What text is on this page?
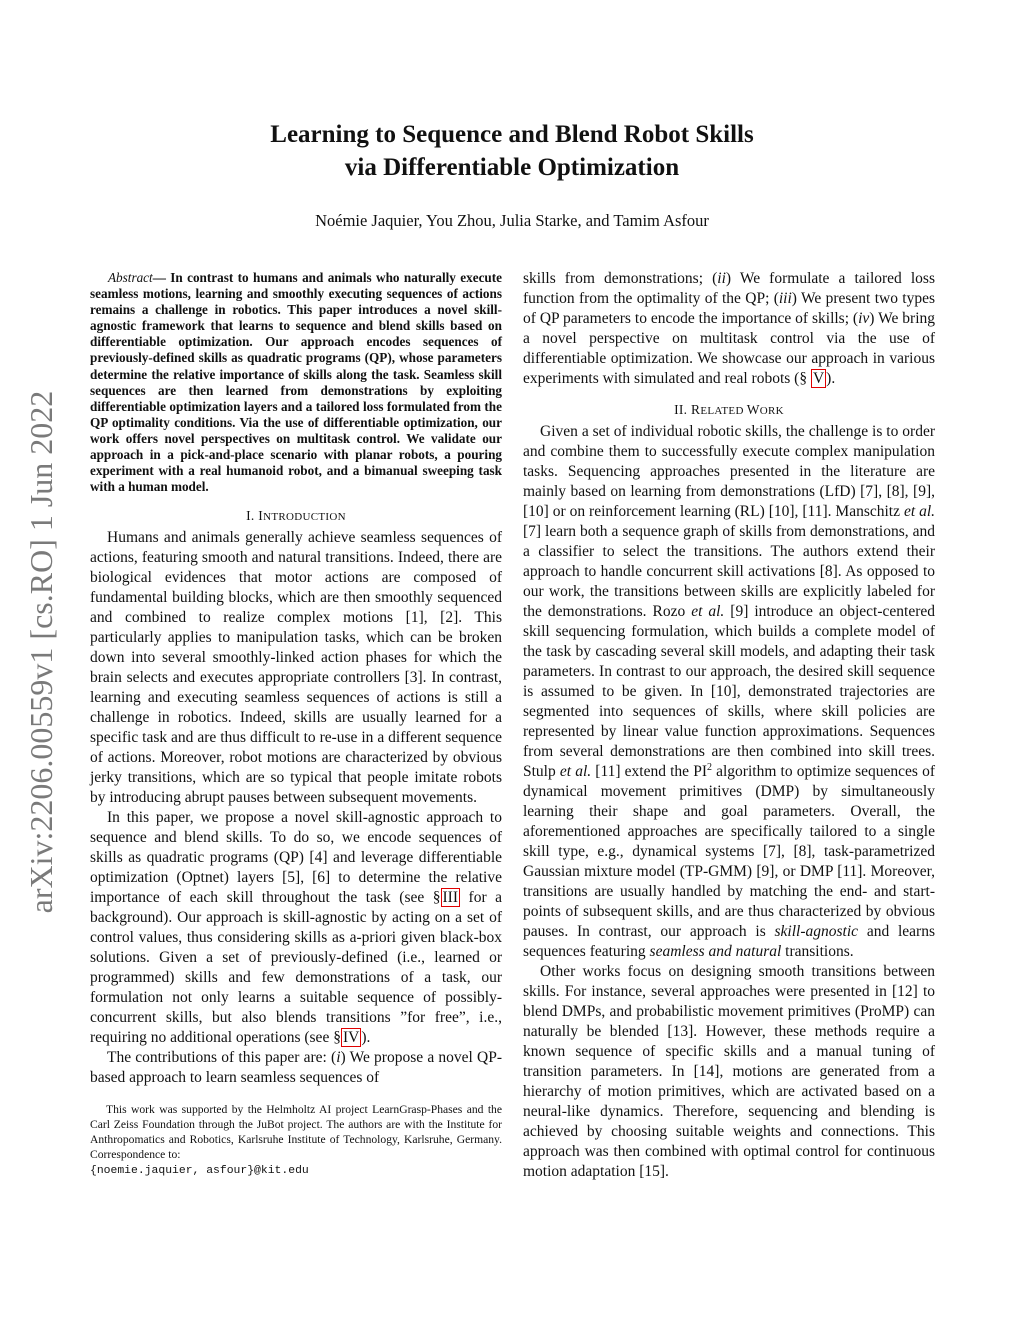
Learning to Sequence and Blend Robot Skills
via Differentiable Optimization
Noémie Jaquier, You Zhou, Julia Starke, and Tamim Asfour
arXiv:2206.00559v1 [cs.RO] 1 Jun 2022

Abstract— In contrast to humans and animals who naturally execute seamless motions, learning and smoothly executing sequences of actions remains a challenge in robotics. This paper introduces a novel skill-agnostic framework that learns to sequence and blend skills based on differentiable optimization. Our approach encodes sequences of previously-defined skills as quadratic programs (QP), whose parameters determine the relative importance of skills along the task. Seamless skill sequences are then learned from demonstrations by exploiting differentiable optimization layers and a tailored loss formulated from the QP optimality conditions. Via the use of differentiable optimization, our work offers novel perspectives on multitask control. We validate our approach in a pick-and-place scenario with planar robots, a pouring experiment with a real humanoid robot, and a bimanual sweeping task with a human model.

I. INTRODUCTION

Humans and animals generally achieve seamless sequences of actions, featuring smooth and natural transitions. Indeed, there are biological evidences that motor actions are composed of fundamental building blocks, which are then smoothly sequenced and combined to realize complex motions [1], [2]. This particularly applies to manipulation tasks, which can be broken down into several smoothly-linked action phases for which the brain selects and executes appropriate controllers [3]. In contrast, learning and executing seamless sequences of actions is still a challenge in robotics. Indeed, skills are usually learned for a specific task and are thus difficult to re-use in a different sequence of actions. Moreover, robot motions are characterized by obvious jerky transitions, which are so typical that people imitate robots by introducing abrupt pauses between subsequent movements.

In this paper, we propose a novel skill-agnostic approach to sequence and blend skills. To do so, we encode sequences of skills as quadratic programs (QP) [4] and leverage differentiable optimization (Optnet) layers [5], [6] to determine the relative importance of each skill throughout the task (see § III for a background). Our approach is skill-agnostic by acting on a set of control values, thus considering skills as a-priori given black-box solutions. Given a set of previously-defined (i.e., learned or programmed) skills and few demonstrations of a task, our formulation not only learns a suitable sequence of possibly-concurrent skills, but also blends transitions ”for free”, i.e., requiring no additional operations (see § IV ).

The contributions of this paper are: (i) We propose a novel QP-based approach to learn seamless sequences of

This work was supported by the Helmholtz AI project LearnGrasp-Phases and the Carl Zeiss Foundation through the JuBot project. The authors are with the Institute for Anthropomatics and Robotics, Karlsruhe Institute of Technology, Karlsruhe, Germany. Correspondence to:
{noemie.jaquier, asfour}@kit.edu

skills from demonstrations; (ii) We formulate a tailored loss function from the optimality of the QP; (iii) We present two types of QP parameters to encode the importance of skills; (iv) We bring a novel perspective on multitask control via the use of differentiable optimization. We showcase our approach in various experiments with simulated and real robots (§ V ).

II. RELATED WORK

Given a set of individual robotic skills, the challenge is to order and combine them to successfully execute complex manipulation tasks. Sequencing approaches presented in the literature are mainly based on learning from demonstrations (LfD) [7], [8], [9], [10] or on reinforcement learning (RL) [10], [11]. Manschitz et al. [7] learn both a sequence graph of skills from demonstrations, and a classifier to select the transitions. The authors extend their approach to handle concurrent skill activations [8]. As opposed to our work, the transitions between skills are explicitly labeled for the demonstrations. Rozo et al. [9] introduce an object-centered skill sequencing formulation, which builds a complete model of the task by cascading several skill models, and adapting their task parameters. In contrast to our approach, the desired skill sequence is assumed to be given. In [10], demonstrated trajectories are segmented into sequences of skills, where skill policies are represented by linear value function approximations. Sequences from several demonstrations are then combined into skill trees. Stulp et al. [11] extend the $PI^2$ algorithm to optimize sequences of dynamical movement primitives (DMP) by simultaneously learning their shape and goal parameters. Overall, the aforementioned approaches are specifically tailored to a single skill type, e.g., dynamical systems [7], [8], task-parametrized Gaussian mixture model (TP-GMM) [9], or DMP [11]. Moreover, transitions are usually handled by matching the end- and start-points of subsequent skills, and are thus characterized by obvious pauses. In contrast, our approach is skill-agnostic and learns sequences featuring seamless and natural transitions.

Other works focus on designing smooth transitions between skills. For instance, several approaches were presented in [12] to blend DMPs, and probabilistic movement primitives (ProMP) can naturally be blended [13]. However, these methods require a known sequence of specific skills and a manual tuning of transition parameters. In [14], motions are generated from a hierarchy of motion primitives, which are activated based on a neural-like dynamics. Therefore, sequencing and blending is achieved by choosing suitable weights and connections. This approach was then combined with optimal control for continuous motion adaptation [15].
